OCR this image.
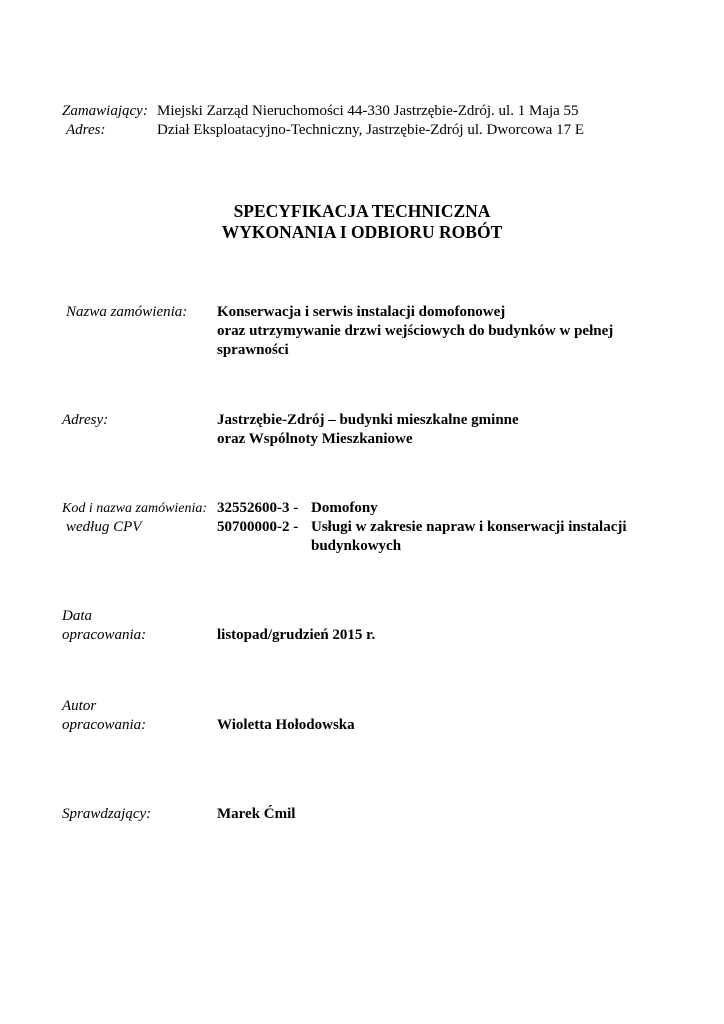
Zamawiający: Miejski Zarząd Nieruchomości 44-330 Jastrzębie-Zdrój. ul. 1 Maja 55
Adres:	Dział Eksploatacyjno-Techniczny, Jastrzębie-Zdrój ul. Dworcowa 17 E
SPECYFIKACJA TECHNICZNA
WYKONANIA I ODBIORU ROBÓT
Nazwa zamówienia: Konserwacja i serwis instalacji domofonowej
oraz utrzymywanie drzwi wejściowych do budynków w pełnej
sprawności
Adresy:	Jastrzębie-Zdrój – budynki mieszkalne gminne
oraz Wspólnoty Mieszkaniowe
Kod i nazwa zamówienia:
według CPV
32552600-3 - Domofony
50700000-2 - Usługi w zakresie napraw i konserwacji instalacji
budynkowych
Data
opracowania:	listopad/grudzień 2015 r.
Autor
opracowania:	Wioletta Hołodowska
Sprawdzający:	Marek Ćmil
